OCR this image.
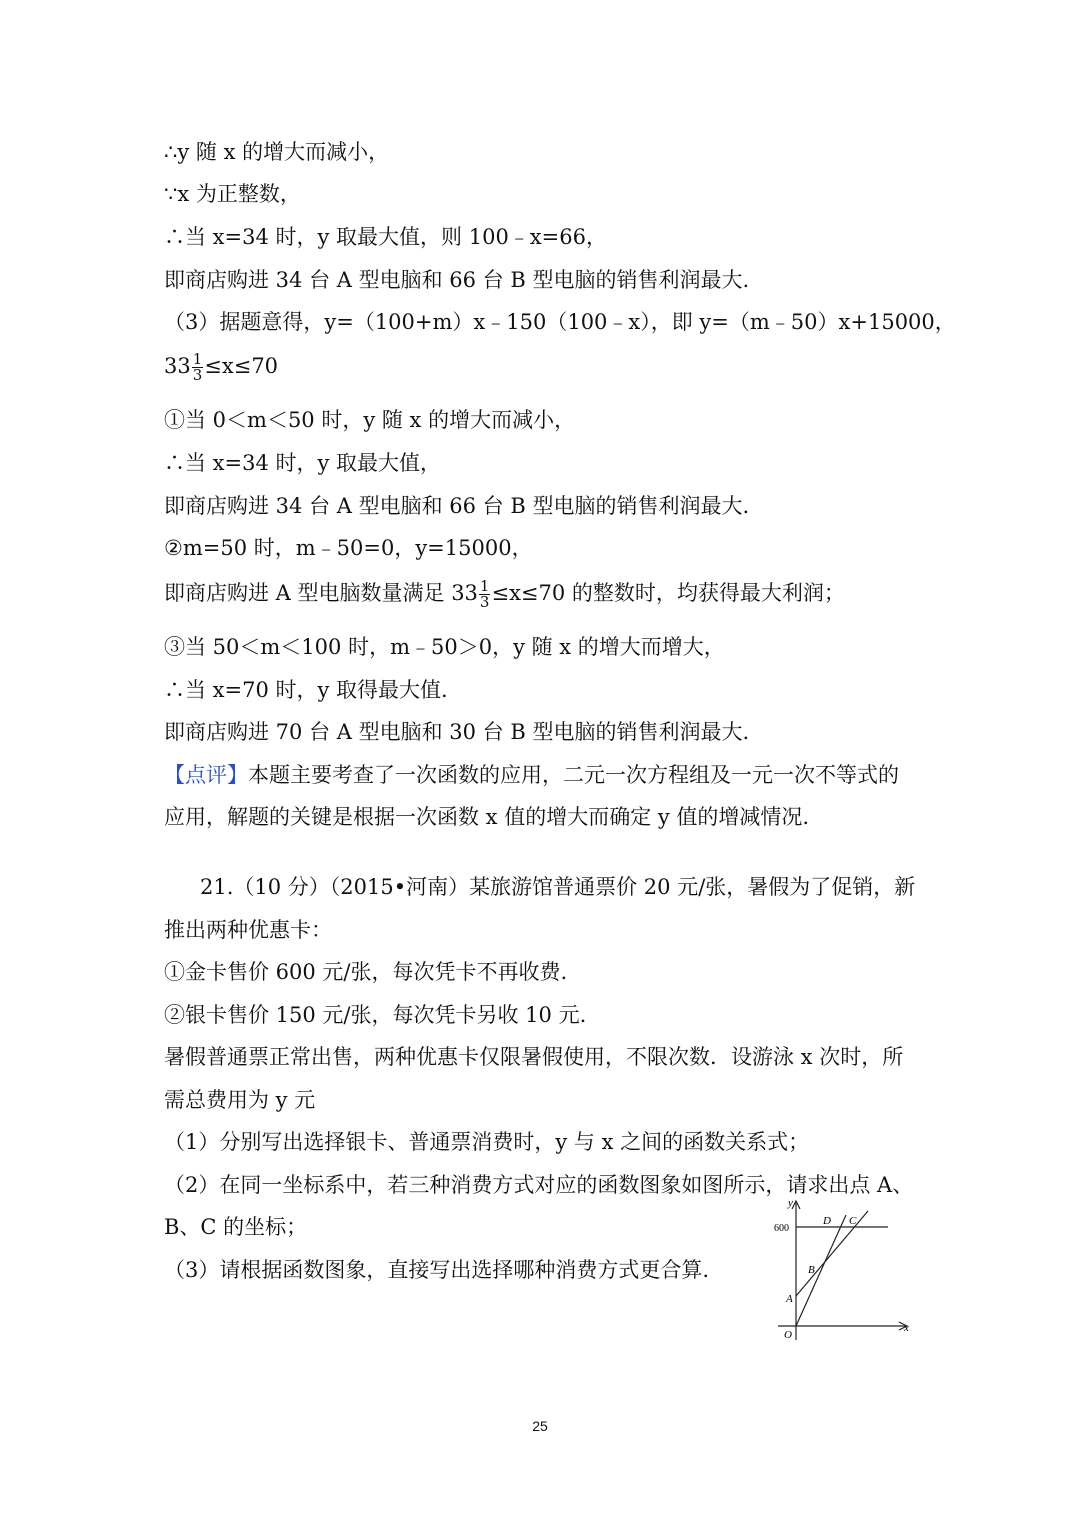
∴y 随 x 的增大而减小，
∵x 为正整数，
∴当 x=34 时，y 取最大值，则 100﹣x=66，
即商店购进 34 台 A 型电脑和 66 台 B 型电脑的销售利润最大.
（3）据题意得，y=（100+m）x﹣150（100﹣x），即 y=（m﹣50）x+15000，
$33 \frac{1}{3} \le x\le 70$
①当 0＜m＜50 时，y 随 x 的增大而减小，
∴当 x=34 时，y 取最大值，
即商店购进 34 台 A 型电脑和 66 台 B 型电脑的销售利润最大.
②m=50 时，m﹣50=0，y=15000，
即商店购进 A 型电脑数量满足 $33 \frac{1}{3} \le x\le 70$ 的整数时，均获得最大利润；
③当 50＜m＜100 时，m﹣50＞0，y 随 x 的增大而增大，
∴当 x=70 时，y 取得最大值.
即商店购进 70 台 A 型电脑和 30 台 B 型电脑的销售利润最大.
【点评】本题主要考查了一次函数的应用，二元一次方程组及一元一次不等式的
应用，解题的关键是根据一次函数 x 值的增大而确定 y 值的增减情况.
21.（10 分）（2015•河南）某旅游馆普通票价 20 元/张，暑假为了促销，新
推出两种优惠卡：
①金卡售价 600 元/张，每次凭卡不再收费.
②银卡售价 150 元/张，每次凭卡另收 10 元.
暑假普通票正常出售，两种优惠卡仅限暑假使用，不限次数．设游泳 x 次时，所
需总费用为 y 元
（1）分别写出选择银卡、普通票消费时，y 与 x 之间的函数关系式；
（2）在同一坐标系中，若三种消费方式对应的函数图象如图所示，请求出点 A、
B、C 的坐标；
（3）请根据函数图象，直接写出选择哪种消费方式更合算.
y
x
O
600
D C
B
A
25
